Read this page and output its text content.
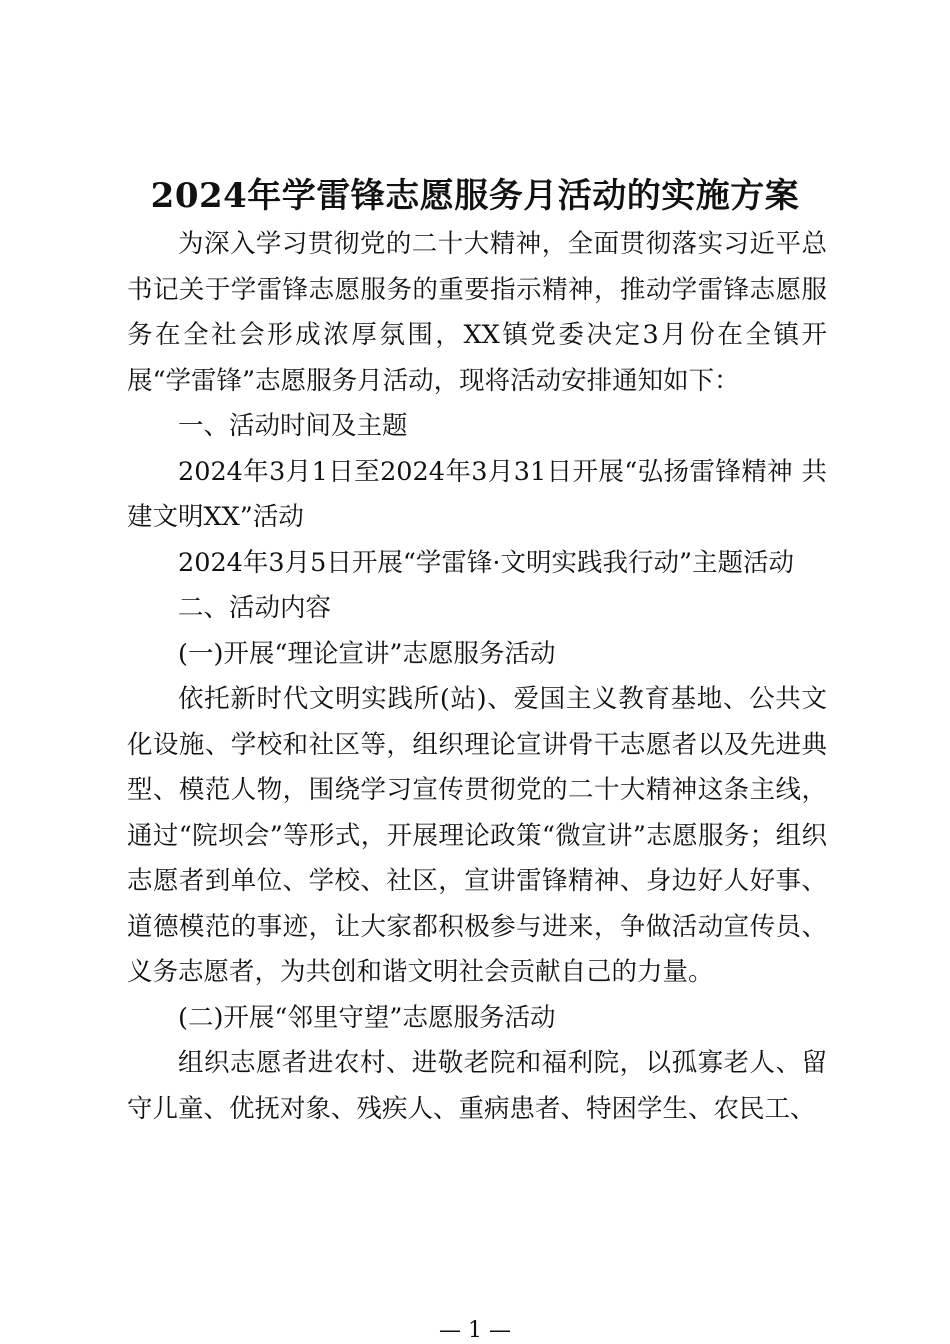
2024年学雷锋志愿服务月活动的实施方案

为深入学习贯彻党的二十大精神，全面贯彻落实习近平总书记关于学雷锋志愿服务的重要指示精神，推动学雷锋志愿服务在全社会形成浓厚氛围，XX镇党委决定3月份在全镇开展“学雷锋”志愿服务月活动，现将活动安排通知如下：

一、活动时间及主题

2024年3月1日至2024年3月31日开展“弘扬雷锋精神 共建文明XX”活动

2024年3月5日开展“学雷锋·文明实践我行动”主题活动

二、活动内容

(一)开展“理论宣讲”志愿服务活动

依托新时代文明实践所(站)、爱国主义教育基地、公共文化设施、学校和社区等，组织理论宣讲骨干志愿者以及先进典型、模范人物，围绕学习宣传贯彻党的二十大精神这条主线，通过“院坝会”等形式，开展理论政策“微宣讲”志愿服务；组织志愿者到单位、学校、社区，宣讲雷锋精神、身边好人好事、道德模范的事迹，让大家都积极参与进来，争做活动宣传员、义务志愿者，为共创和谐文明社会贡献自己的力量。

(二)开展“邻里守望”志愿服务活动

组织志愿者进农村、进敬老院和福利院，以孤寡老人、留守儿童、优抚对象、残疾人、重病患者、特困学生、农民工、

— 1 —
